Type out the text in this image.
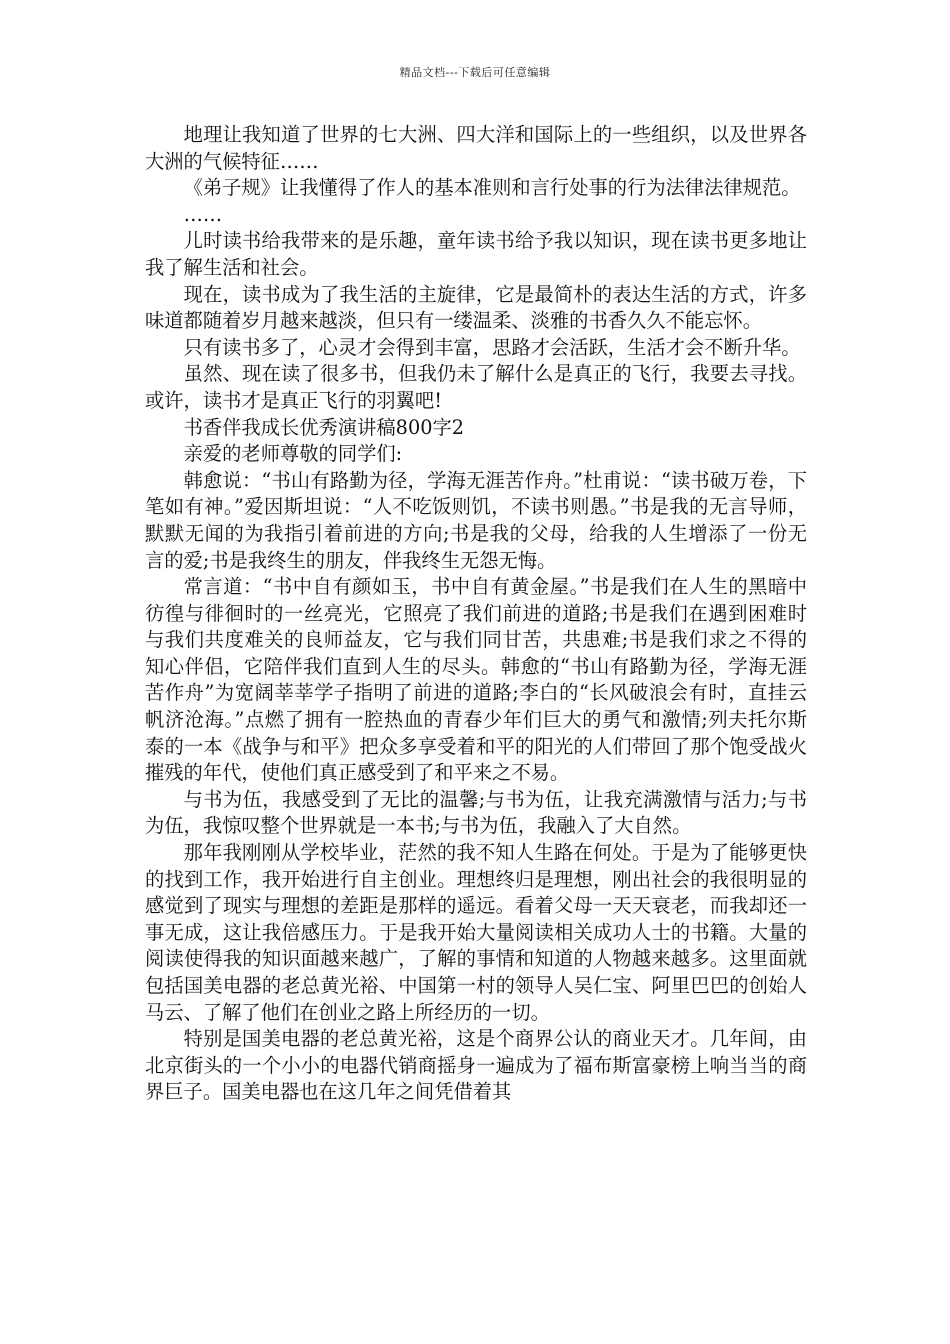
精品文档---下载后可任意编辑

地理让我知道了世界的七大洲、四大洋和国际上的一些组织，以及世界各大洲的气候特征……

《弟子规》让我懂得了作人的基本准则和言行处事的行为法律法律规范。

……

儿时读书给我带来的是乐趣，童年读书给予我以知识，现在读书更多地让我了解生活和社会。

现在，读书成为了我生活的主旋律，它是最简朴的表达生活的方式，许多味道都随着岁月越来越淡，但只有一缕温柔、淡雅的书香久久不能忘怀。

只有读书多了，心灵才会得到丰富，思路才会活跃，生活才会不断升华。

虽然、现在读了很多书，但我仍未了解什么是真正的飞行，我要去寻找。或许，读书才是真正飞行的羽翼吧!

书香伴我成长优秀演讲稿800字2

亲爱的老师尊敬的同学们:

韩愈说：“书山有路勤为径，学海无涯苦作舟。”杜甫说：“读书破万卷，下笔如有神。”爱因斯坦说：“人不吃饭则饥，不读书则愚。”书是我的无言导师，默默无闻的为我指引着前进的方向;书是我的父母，给我的人生增添了一份无言的爱;书是我终生的朋友，伴我终生无怨无悔。

常言道：“书中自有颜如玉，书中自有黄金屋。”书是我们在人生的黑暗中彷徨与徘徊时的一丝亮光，它照亮了我们前进的道路;书是我们在遇到困难时与我们共度难关的良师益友，它与我们同甘苦，共患难;书是我们求之不得的知心伴侣，它陪伴我们直到人生的尽头。韩愈的“书山有路勤为径，学海无涯苦作舟”为宽阔莘莘学子指明了前进的道路;李白的“长风破浪会有时，直挂云帆济沧海。”点燃了拥有一腔热血的青春少年们巨大的勇气和激情;列夫托尔斯泰的一本《战争与和平》把众多享受着和平的阳光的人们带回了那个饱受战火摧残的年代，使他们真正感受到了和平来之不易。

与书为伍，我感受到了无比的温馨;与书为伍，让我充满激情与活力;与书为伍，我惊叹整个世界就是一本书;与书为伍，我融入了大自然。

那年我刚刚从学校毕业，茫然的我不知人生路在何处。于是为了能够更快的找到工作，我开始进行自主创业。理想终归是理想，刚出社会的我很明显的感觉到了现实与理想的差距是那样的遥远。看着父母一天天衰老，而我却还一事无成，这让我倍感压力。于是我开始大量阅读相关成功人士的书籍。大量的阅读使得我的知识面越来越广，了解的事情和知道的人物越来越多。这里面就包括国美电器的老总黄光裕、中国第一村的领导人吴仁宝、阿里巴巴的创始人马云、了解了他们在创业之路上所经历的一切。

特别是国美电器的老总黄光裕，这是个商界公认的商业天才。几年间，由北京街头的一个小小的电器代销商摇身一遍成为了福布斯富豪榜上响当当的商界巨子。国美电器也在这几年之间凭借着其
